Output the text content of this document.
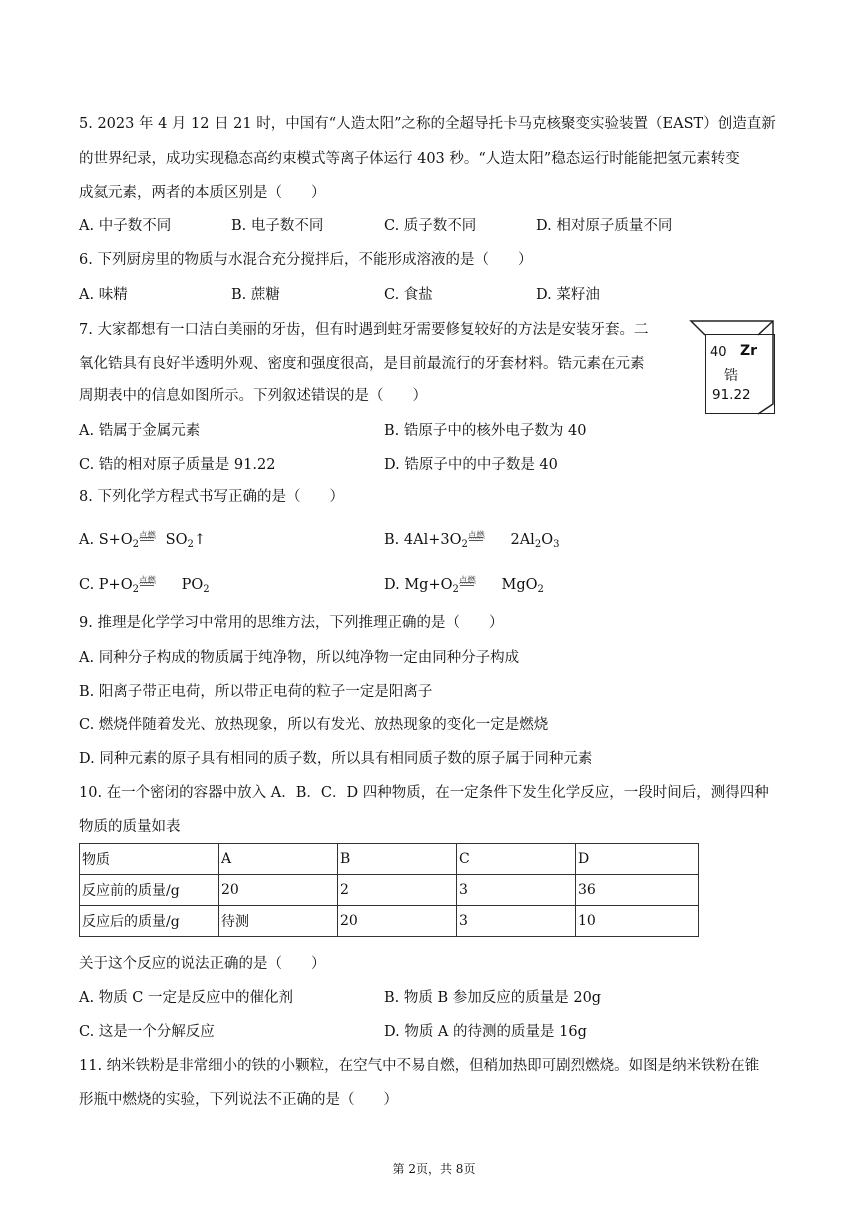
5. 2023 年 4 月 12 日 21 时，中国有“人造太阳”之称的全超导托卡马克核聚变实验装置（EAST）创造直新
的世界纪录，成功实现稳态高约束模式等离子体运行 403 秒。“人造太阳”稳态运行时能能把氢元素转变
成氦元素，两者的本质区别是（　　）
A. 中子数不同	B. 电子数不同	C. 质子数不同	D. 相对原子质量不同
6. 下列厨房里的物质与水混合充分搅拌后，不能形成溶液的是（　　）
A. 味精	B. 蔗糖	C. 食盐	D. 菜籽油
7. 大家都想有一口洁白美丽的牙齿，但有时遇到蛀牙需要修复较好的方法是安装牙套。二
氧化锆具有良好半透明外观、密度和强度很高，是目前最流行的牙套材料。锆元素在元素
周期表中的信息如图所示。下列叙述错误的是（　　）
40 Zr
锆
91.22
A. 锆属于金属元素	B. 锆原子中的核外电子数为 40
C. 锆的相对原子质量是 91.22	D. 锆原子中的中子数是 40
8. 下列化学方程式书写正确的是（　　）
A. $S+O_2$
点燃 $SO_2↑$	B. $4Al+3O_2$
点燃 $2Al_2O_3$
C. $P+O_2$
点燃 $PO_2$	D. $Mg+O_2$
点燃 MgO$_2$
9. 推理是化学学习中常用的思维方法，下列推理正确的是（　　）
A. 同种分子构成的物质属于纯净物，所以纯净物一定由同种分子构成
B. 阳离子带正电荷，所以带正电荷的粒子一定是阳离子
C. 燃烧伴随着发光、放热现象，所以有发光、放热现象的变化一定是燃烧
D. 同种元素的原子具有相同的质子数，所以具有相同质子数的原子属于同种元素
10. 在一个密闭的容器中放入 A．B．C．D 四种物质，在一定条件下发生化学反应，一段时间后，测得四种
物质的质量如表
物质	A	B	C	D
反应前的质量/g	20	2	3	36
反应后的质量/g	待测	20	3	10
关于这个反应的说法正确的是（　　）
A. 物质 C 一定是反应中的催化剂	B. 物质 B 参加反应的质量是 20g
C. 这是一个分解反应	D. 物质 A 的待测的质量是 16g
11. 纳米铁粉是非常细小的铁的小颗粒，在空气中不易自燃，但稍加热即可剧烈燃烧。如图是纳米铁粉在锥
形瓶中燃烧的实验，下列说法不正确的是（　　）
第 2页，共 8页
